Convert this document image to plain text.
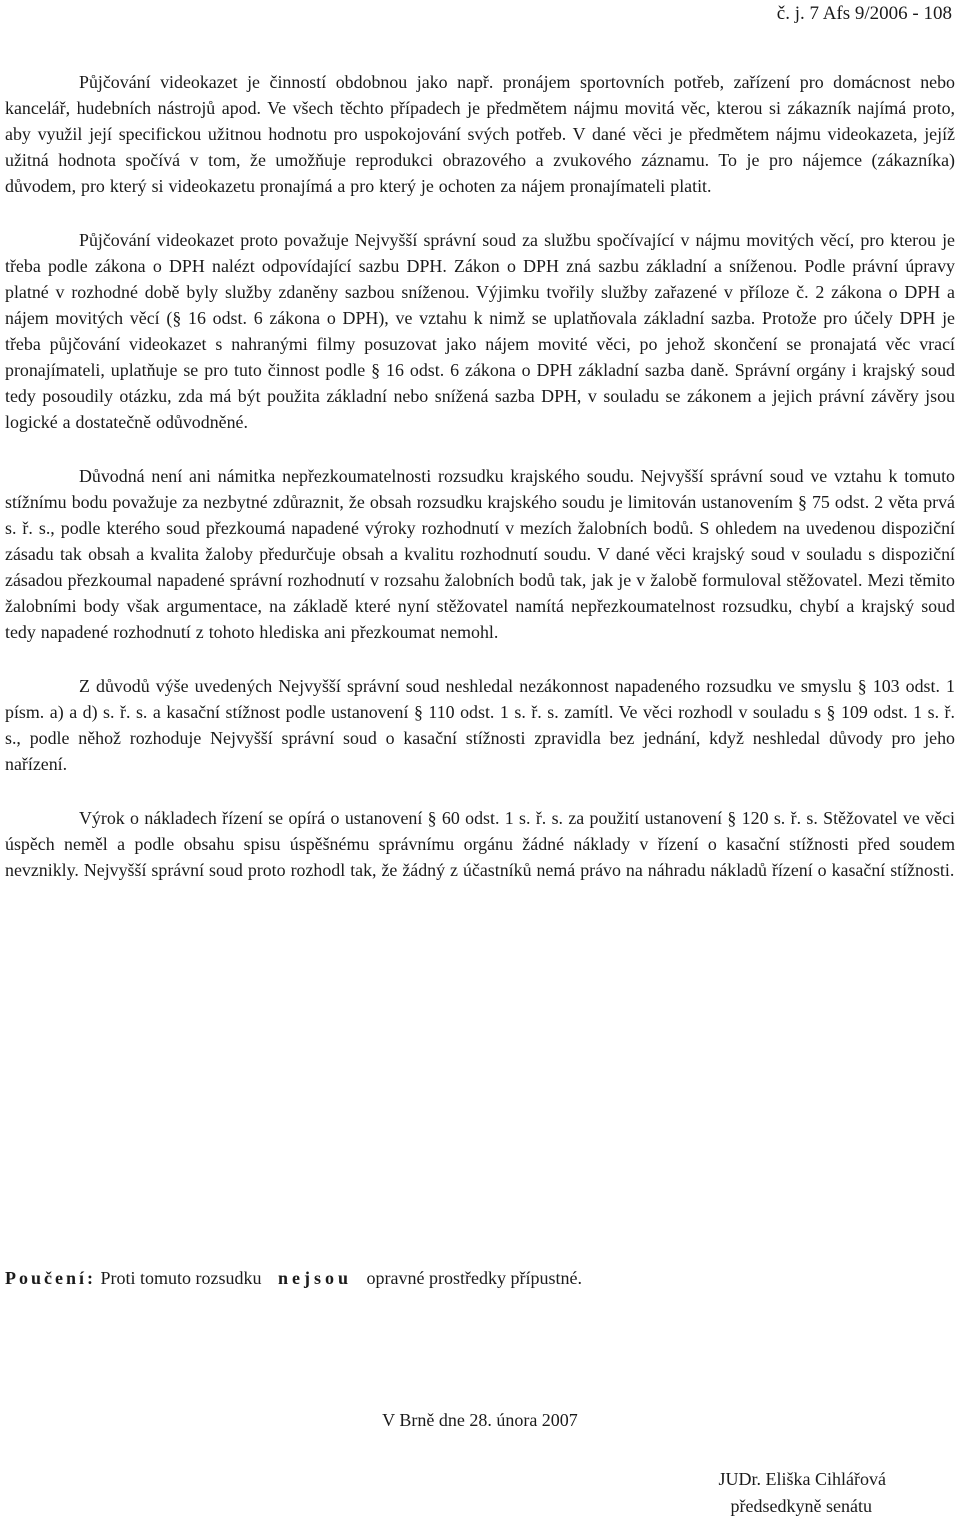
č. j. 7 Afs 9/2006 - 108

Půjčování videokazet je činností obdobnou jako např. pronájem sportovních potřeb, zařízení pro domácnost nebo kancelář, hudebních nástrojů apod. Ve všech těchto případech je předmětem nájmu movitá věc, kterou si zákazník najímá proto, aby využil její specifickou užitnou hodnotu pro uspokojování svých potřeb. V dané věci je předmětem nájmu videokazeta, jejíž užitná hodnota spočívá v tom, že umožňuje reprodukci obrazového a zvukového záznamu. To je pro nájemce (zákazníka) důvodem, pro který si videokazetu pronajímá a pro který je ochoten za nájem pronajímateli platit.

Půjčování videokazet proto považuje Nejvyšší správní soud za službu spočívající v nájmu movitých věcí, pro kterou je třeba podle zákona o DPH nalézt odpovídající sazbu DPH. Zákon o DPH zná sazbu základní a sníženou. Podle právní úpravy platné v rozhodné době byly služby zdaněny sazbou sníženou. Výjimku tvořily služby zařazené v příloze č. 2 zákona o DPH a nájem movitých věcí (§ 16 odst. 6 zákona o DPH), ve vztahu k nimž se uplatňovala základní sazba. Protože pro účely DPH je třeba půjčování videokazet s nahranými filmy posuzovat jako nájem movité věci, po jehož skončení se pronajatá věc vrací pronajímateli, uplatňuje se pro tuto činnost podle § 16 odst. 6 zákona o DPH základní sazba daně. Správní orgány i krajský soud tedy posoudily otázku, zda má být použita základní nebo snížená sazba DPH, v souladu se zákonem a jejich právní závěry jsou logické a dostatečně odůvodněné.

Důvodná není ani námitka nepřezkoumatelnosti rozsudku krajského soudu. Nejvyšší správní soud ve vztahu k tomuto stížnímu bodu považuje za nezbytné zdůraznit, že obsah rozsudku krajského soudu je limitován ustanovením § 75 odst. 2 věta prvá s. ř. s., podle kterého soud přezkoumá napadené výroky rozhodnutí v mezích žalobních bodů. S ohledem na uvedenou dispoziční zásadu tak obsah a kvalita žaloby předurčuje obsah a kvalitu rozhodnutí soudu. V dané věci krajský soud v souladu s dispoziční zásadou přezkoumal napadené správní rozhodnutí v rozsahu žalobních bodů tak, jak je v žalobě formuloval stěžovatel. Mezi těmito žalobními body však argumentace, na základě které nyní stěžovatel namítá nepřezkoumatelnost rozsudku, chybí a krajský soud tedy napadené rozhodnutí z tohoto hlediska ani přezkoumat nemohl.

Z důvodů výše uvedených Nejvyšší správní soud neshledal nezákonnost napadeného rozsudku ve smyslu § 103 odst. 1 písm. a) a d) s. ř. s. a kasační stížnost podle ustanovení § 110 odst. 1 s. ř. s. zamítl. Ve věci rozhodl v souladu s § 109 odst. 1 s. ř. s., podle něhož rozhoduje Nejvyšší správní soud o kasační stížnosti zpravidla bez jednání, když neshledal důvody pro jeho nařízení.

Výrok o nákladech řízení se opírá o ustanovení § 60 odst. 1 s. ř. s. za použití ustanovení § 120 s. ř. s. Stěžovatel ve věci úspěch neměl a podle obsahu spisu úspěšnému správnímu orgánu žádné náklady v řízení o kasační stížnosti před soudem nevznikly. Nejvyšší správní soud proto rozhodl tak, že žádný z účastníků nemá právo na náhradu nákladů řízení o kasační stížnosti.

Poučení: Proti tomuto rozsudku nejsou opravné prostředky přípustné.
V Brně dne 28. února 2007
JUDr. Eliška Cihlářová
předsedkyně senátu
